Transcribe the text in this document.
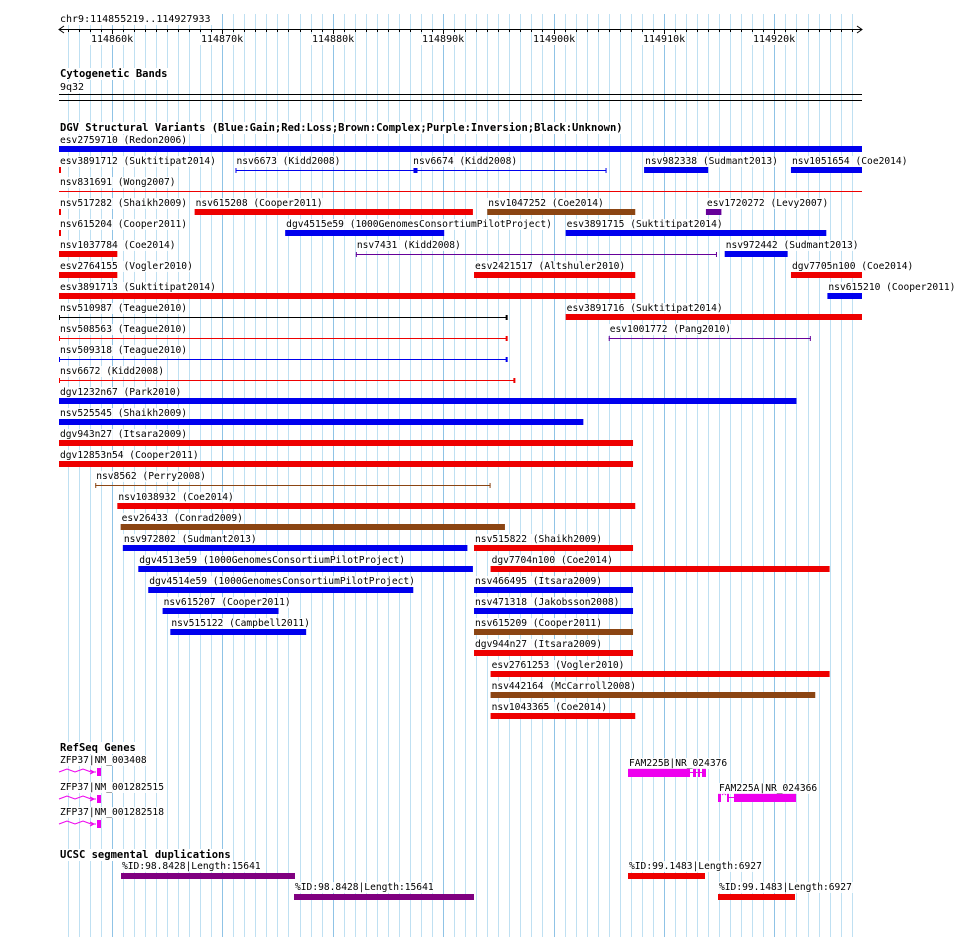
chr9:114855219..114927933
Cytogenetic Bands
9q32
DGV Structural Variants (Blue:Gain;Red:Loss;Brown:Complex;Purple:Inversion;Black:Unknown)
RefSeq Genes
UCSC segmental duplications
114860k	114870k	114880k	114890k	114900k	114910k	114920k
esv2759710 (Redon2006)
esv3891712 (Suktitipat2014) nsv6673 (Kidd2008)	nsv6674 (Kidd2008)	nsv982338 (Sudmant2013) nsv1051654 (Coe2014)
nsv831691 (Wong2007)
nsv517282 (Shaikh2009) nsv615208 (Cooper2011)	nsv1047252 (Coe2014)	esv1720272 (Levy2007)
nsv615204 (Cooper2011)	dgv4515e59 (1000GenomesConsortiumPilotProject) esv3891715 (Suktitipat2014)
nsv1037784 (Coe2014)	nsv7431 (Kidd2008)	nsv972442 (Sudmant2013)
esv2764155 (Vogler2010)	esv2421517 (Altshuler2010)	dgv7705n100 (Coe2014)
esv3891713 (Suktitipat2014)	nsv615210 (Cooper2011)
nsv510987 (Teague2010)	esv3891716 (Suktitipat2014)
nsv508563 (Teague2010)	esv1001772 (Pang2010)
nsv509318 (Teague2010)
nsv6672 (Kidd2008)
dgv1232n67 (Park2010)
nsv525545 (Shaikh2009)
dgv943n27 (Itsara2009)
dgv12853n54 (Cooper2011)
nsv8562 (Perry2008)
nsv1038932 (Coe2014)
esv26433 (Conrad2009)
nsv972802 (Sudmant2013)	nsv515822 (Shaikh2009)
dgv4513e59 (1000GenomesConsortiumPilotProject)	dgv7704n100 (Coe2014)
dgv4514e59 (1000GenomesConsortiumPilotProject)	nsv466495 (Itsara2009)
nsv615207 (Cooper2011)	nsv471318 (Jakobsson2008)
nsv515122 (Campbell2011)	nsv615209 (Cooper2011)
dgv944n27 (Itsara2009)
esv2761253 (Vogler2010)
nsv442164 (McCarroll2008)
nsv1043365 (Coe2014)
ZFP37|NM_003408
ZFP37|NM_001282515
ZFP37|NM_001282518
FAM225B|NR_024376
FAM225A|NR_024366
%ID:98.8428|Length:15641
%ID:98.8428|Length:15641
%ID:99.1483|Length:6927
%ID:99.1483|Length:6927
